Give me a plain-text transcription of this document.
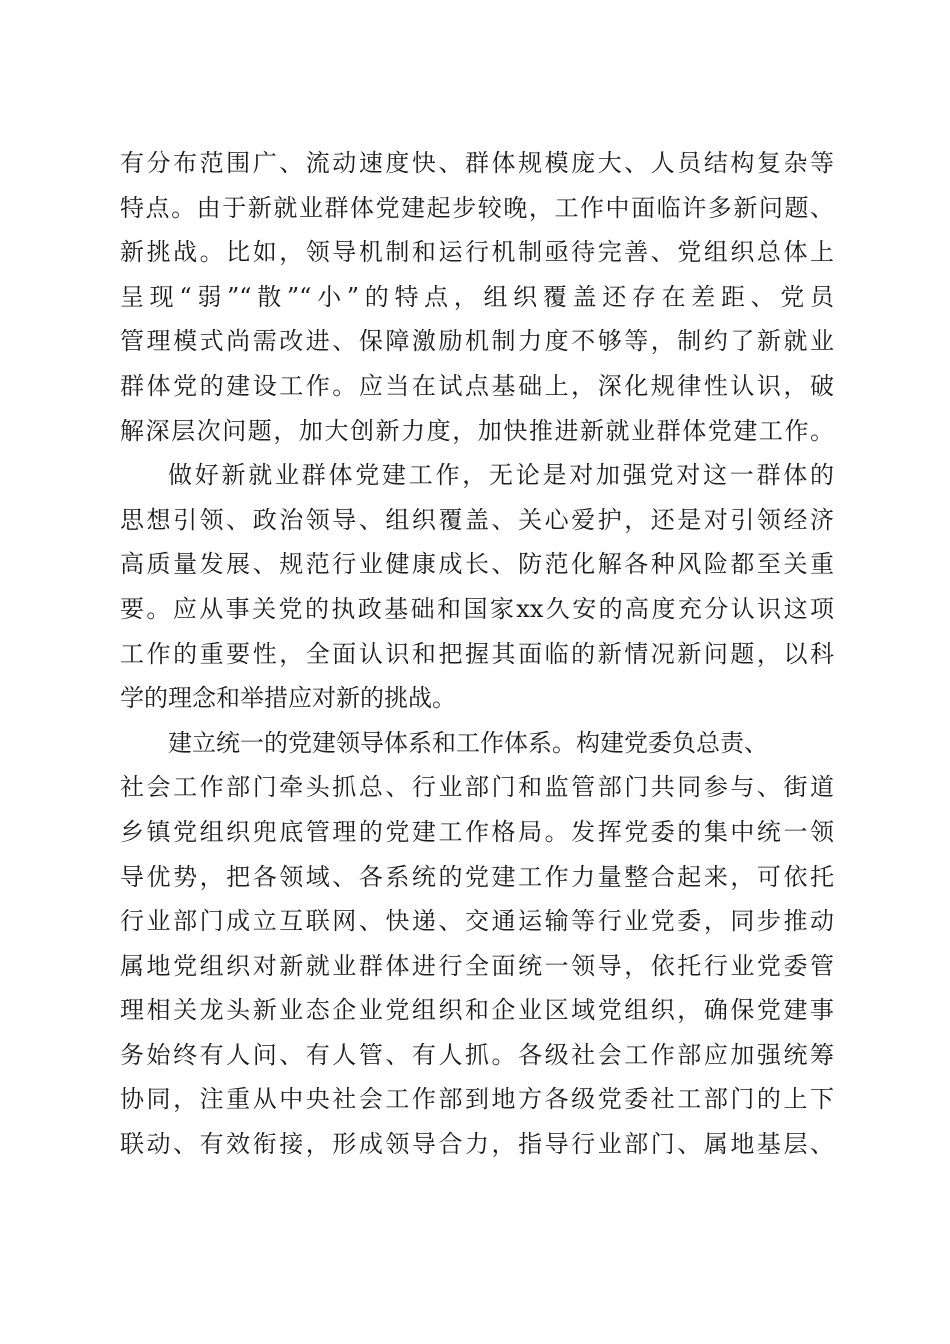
有分布范围广、流动速度快、群体规模庞大、人员结构复杂等
特点。由于新就业群体党建起步较晚，工作中面临许多新问题、
新挑战。比如，领导机制和运行机制亟待完善、党组织总体上
呈现“弱”“散”“小”的特点，组织覆盖还存在差距、党员
管理模式尚需改进、保障激励机制力度不够等，制约了新就业
群体党的建设工作。应当在试点基础上，深化规律性认识，破
解深层次问题，加大创新力度，加快推进新就业群体党建工作。
做好新就业群体党建工作，无论是对加强党对这一群体的
思想引领、政治领导、组织覆盖、关心爱护，还是对引领经济
高质量发展、规范行业健康成长、防范化解各种风险都至关重
要。应从事关党的执政基础和国家xx久安的高度充分认识这项
工作的重要性，全面认识和把握其面临的新情况新问题，以科
学的理念和举措应对新的挑战。
建立统一的党建领导体系和工作体系。构建党委负总责、
社会工作部门牵头抓总、行业部门和监管部门共同参与、街道
乡镇党组织兜底管理的党建工作格局。发挥党委的集中统一领
导优势，把各领域、各系统的党建工作力量整合起来，可依托
行业部门成立互联网、快递、交通运输等行业党委，同步推动
属地党组织对新就业群体进行全面统一领导，依托行业党委管
理相关龙头新业态企业党组织和企业区域党组织，确保党建事
务始终有人问、有人管、有人抓。各级社会工作部应加强统筹
协同，注重从中央社会工作部到地方各级党委社工部门的上下
联动、有效衔接，形成领导合力，指导行业部门、属地基层、
